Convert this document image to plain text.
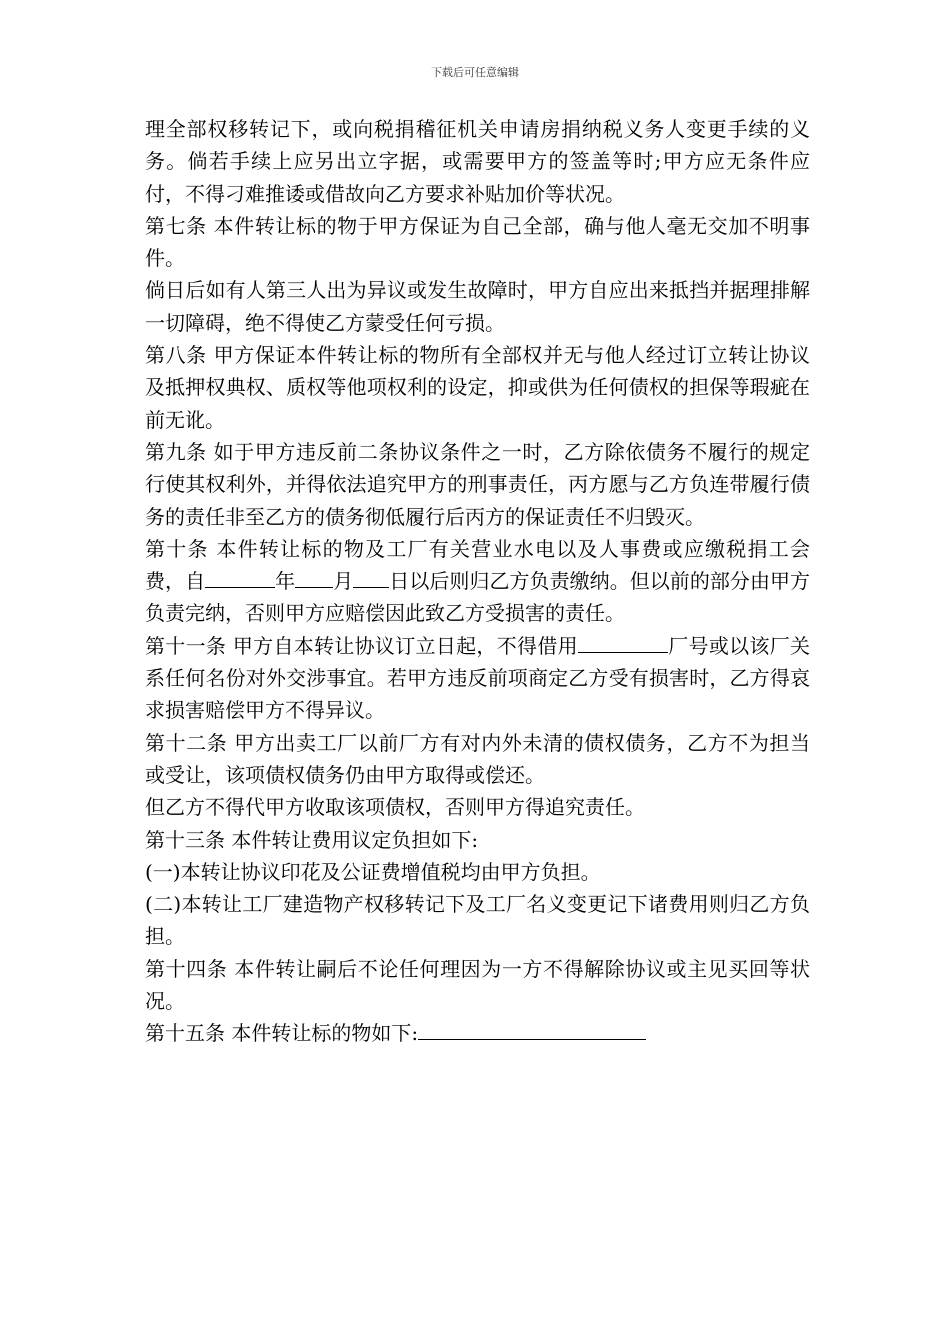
下载后可任意编辑

理全部权移转记下，或向税捐稽征机关申请房捐纳税义务人变更手续的义务。倘若手续上应另出立字据，或需要甲方的签盖等时;甲方应无条件应 付，不得刁难推诿或借故向乙方要求补贴加价等状况。

第七条 本件转让标的物于甲方保证为自己全部，确与他人毫无交加不明事件。

倘日后如有人第三人出为异议或发生故障时，甲方自应出来抵挡并据理排解一切障碍，绝不得使乙方蒙受任何亏损。

第八条 甲方保证本件转让标的物所有全部权并无与他人经过订立转让协议及抵押权典权、质权等他项权利的设定，抑或供为任何债权的担保等瑕疵在前无讹。

第九条 如于甲方违反前二条协议条件之一时，乙方除依债务不履行的规定行使其权利外，并得依法追究甲方的刑事责任，丙方愿与乙方负连带履行债务的责任非至乙方的债务彻低履行后丙方的保证责任不归毁灭。

第十条 本件转让标的物及工厂有关营业水电以及人事费或应缴税捐工会费，自	年 月 日以后则归乙方负责缴纳。但以前的部分由甲方负责完纳，否则甲方应赔偿因此致乙方受损害的责任。

第十一条 甲方自本转让协议订立日起，不得借用	厂号或以该厂关系任何名份对外交涉事宜。若甲方违反前项商定乙方受有损害时，乙方得哀求损害赔偿甲方不得异议。

第十二条 甲方出卖工厂以前厂方有对内外未清的债权债务，乙方不为担当或受让，该项债权债务仍由甲方取得或偿还。

但乙方不得代甲方收取该项债权，否则甲方得追究责任。

第十三条 本件转让费用议定负担如下:

(一)本转让协议印花及公证费增值税均由甲方负担。

(二)本转让工厂建造物产权移转记下及工厂名义变更记下诸费用则归乙方负担。

第十四条 本件转让嗣后不论任何理因为一方不得解除协议或主见买回等状况。

第十五条 本件转让标的物如下:
